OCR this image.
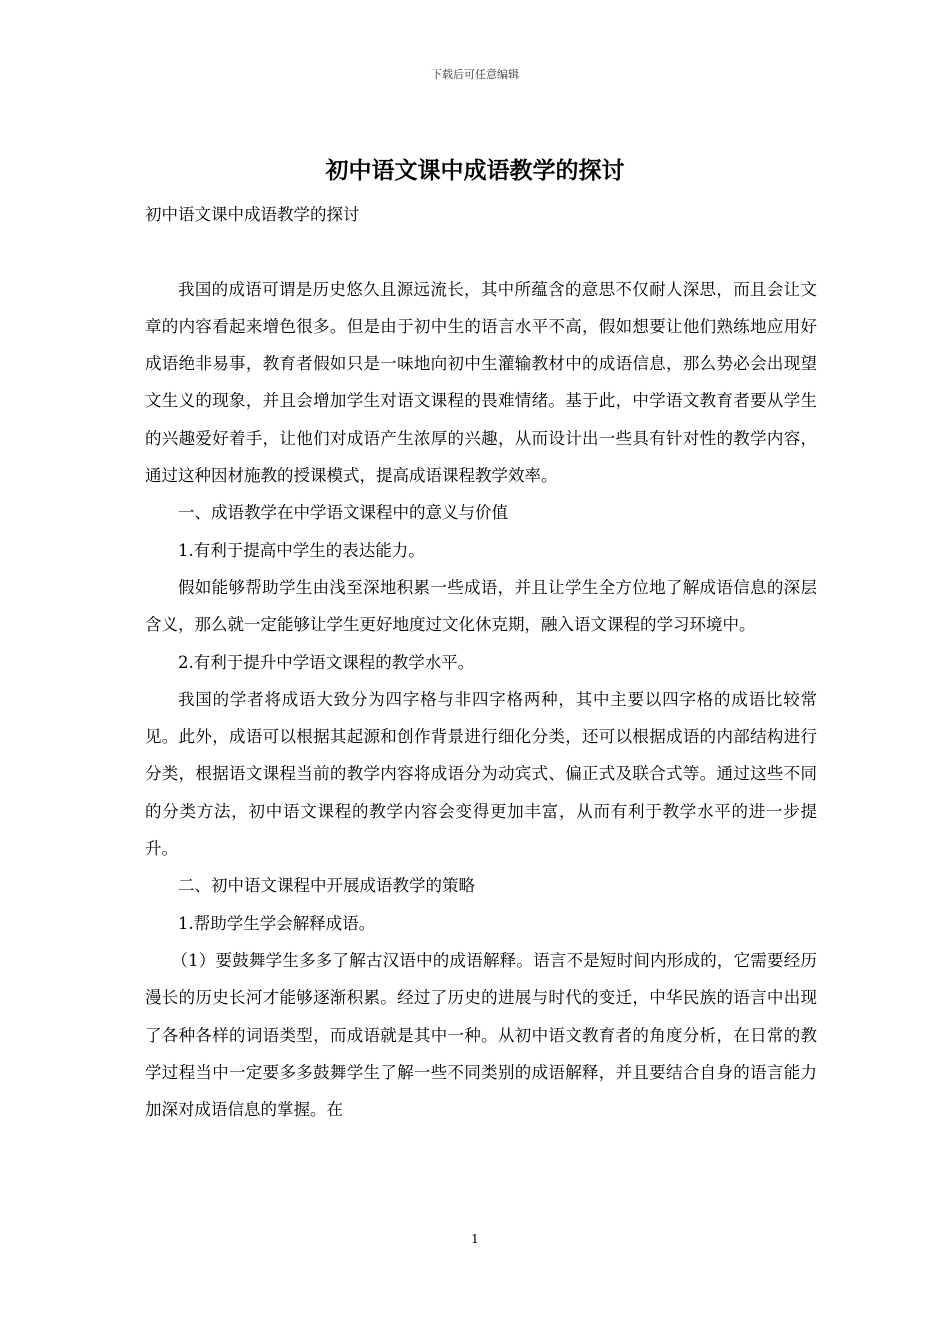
下载后可任意编辑
初中语文课中成语教学的探讨

初中语文课中成语教学的探讨

我国的成语可谓是历史悠久且源远流长，其中所蕴含的意思不仅耐人深思，而且会让文章的内容看起来增色很多。但是由于初中生的语言水平不高，假如想要让他们熟练地应用好成语绝非易事，教育者假如只是一味地向初中生灌输教材中的成语信息，那么势必会出现望文生义的现象，并且会增加学生对语文课程的畏难情绪。基于此，中学语文教育者要从学生的兴趣爱好着手，让他们对成语产生浓厚的兴趣，从而设计出一些具有针对性的教学内容，通过这种因材施教的授课模式，提高成语课程教学效率。

一、成语教学在中学语文课程中的意义与价值

1.有利于提高中学生的表达能力。

假如能够帮助学生由浅至深地积累一些成语，并且让学生全方位地了解成语信息的深层含义，那么就一定能够让学生更好地度过文化休克期，融入语文课程的学习环境中。

2.有利于提升中学语文课程的教学水平。

我国的学者将成语大致分为四字格与非四字格两种，其中主要以四字格的成语比较常见。此外，成语可以根据其起源和创作背景进行细化分类，还可以根据成语的内部结构进行分类，根据语文课程当前的教学内容将成语分为动宾式、偏正式及联合式等。通过这些不同的分类方法，初中语文课程的教学内容会变得更加丰富，从而有利于教学水平的进一步提升。

二、初中语文课程中开展成语教学的策略

1.帮助学生学会解释成语。

（1）要鼓舞学生多多了解古汉语中的成语解释。语言不是短时间内形成的，它需要经历漫长的历史长河才能够逐渐积累。经过了历史的进展与时代的变迁，中华民族的语言中出现了各种各样的词语类型，而成语就是其中一种。从初中语文教育者的角度分析，在日常的教学过程当中一定要多多鼓舞学生了解一些不同类别的成语解释，并且要结合自身的语言能力加深对成语信息的掌握。在

1
